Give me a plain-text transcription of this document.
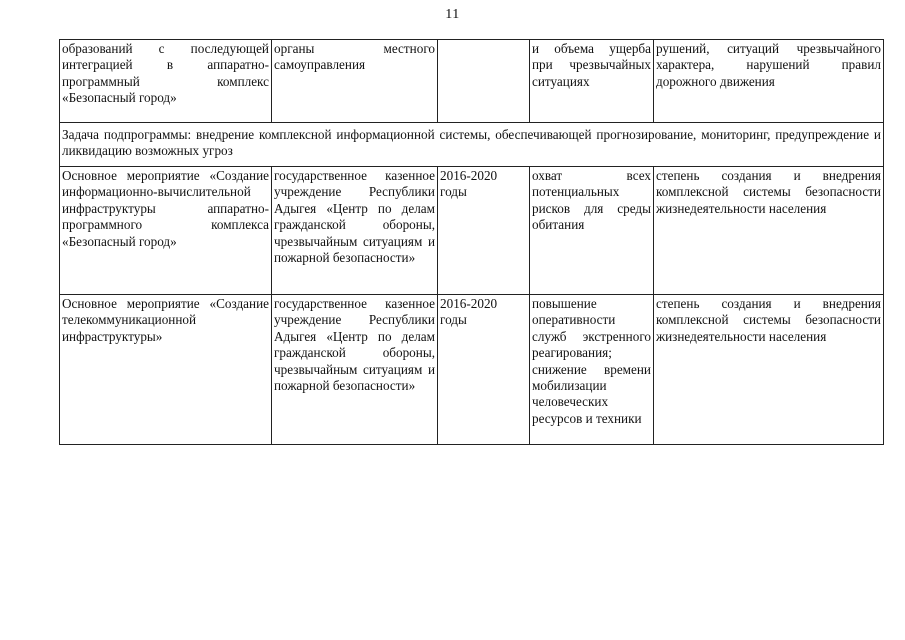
11
образований с последующей интеграцией в аппаратно-программный комплекс «Безопасный город»	органы местного самоуправления		и объема ущерба при чрезвычайных ситуациях	рушений, ситуаций чрезвычайного характера, нарушений правил дорожного движения
Задача подпрограммы: внедрение комплексной информационной системы, обеспечивающей прогнозирование, мониторинг, предупреждение и ликвидацию возможных угроз				
Основное мероприятие «Создание информационно-вычислительной инфраструктуры аппаратно-программного комплекса «Безопасный город»	государственное казенное учреждение Республики Адыгея «Центр по делам гражданской обороны, чрезвычайным ситуациям и пожарной безопасности»	2016-2020 годы	охват всех потенциальных рисков для среды обитания	степень создания и внедрения комплексной системы безопасности жизнедеятельности населения
Основное мероприятие «Создание телекоммуникационной инфраструктуры»	государственное казенное учреждение Республики Адыгея «Центр по делам гражданской обороны, чрезвычайным ситуациям и пожарной безопасности»	2016-2020 годы	повышение оперативности служб экстренного реагирования; снижение времени мобилизации человеческих ресурсов и техники	степень создания и внедрения комплексной системы безопасности жизнедеятельности населения
